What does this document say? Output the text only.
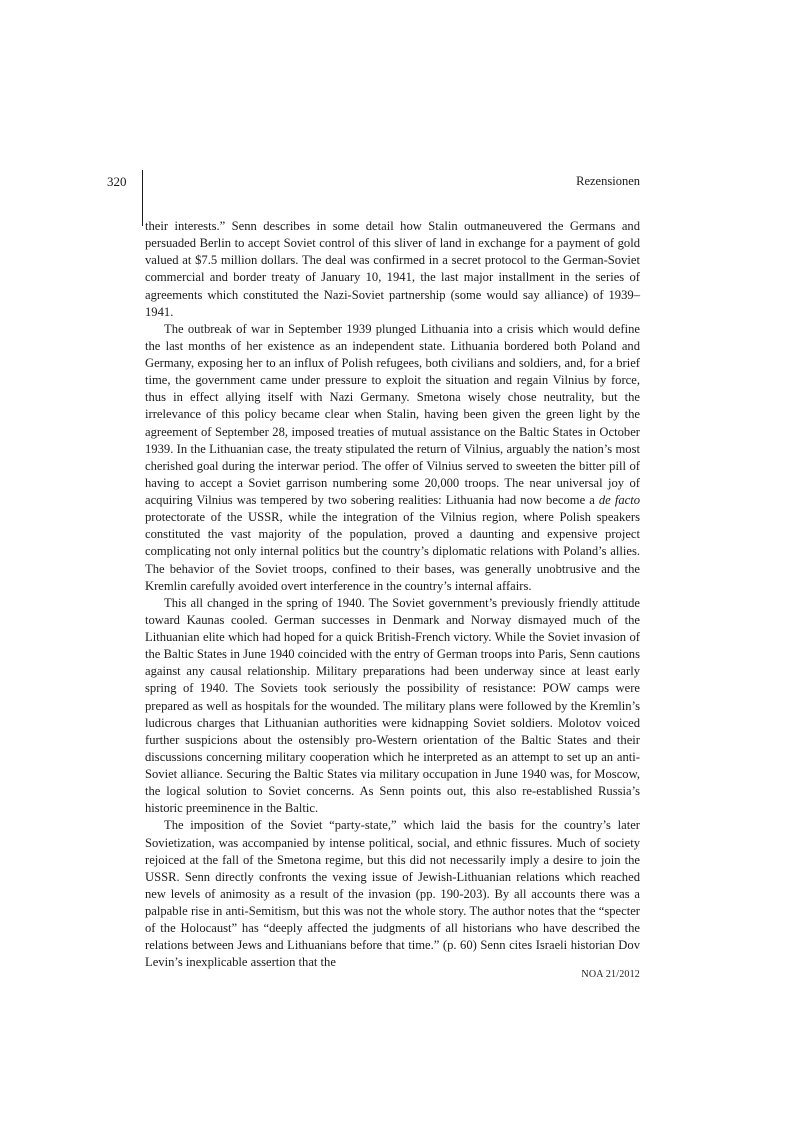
320	Rezensionen

their interests.” Senn describes in some detail how Stalin outmaneuvered the Germans and persuaded Berlin to accept Soviet control of this sliver of land in exchange for a payment of gold valued at $7.5 million dollars. The deal was confirmed in a secret protocol to the German-Soviet commercial and border treaty of January 10, 1941, the last major installment in the series of agreements which constituted the Nazi-Soviet partnership (some would say alliance) of 1939–1941.

The outbreak of war in September 1939 plunged Lithuania into a crisis which would define the last months of her existence as an independent state. Lithuania bordered both Poland and Germany, exposing her to an influx of Polish refugees, both civilians and soldiers, and, for a brief time, the government came under pressure to exploit the situation and regain Vilnius by force, thus in effect allying itself with Nazi Germany. Smetona wisely chose neutrality, but the irrelevance of this policy became clear when Stalin, having been given the green light by the agreement of September 28, imposed treaties of mutual assistance on the Baltic States in October 1939. In the Lithuanian case, the treaty stipulated the return of Vilnius, arguably the nation’s most cherished goal during the interwar period. The offer of Vilnius served to sweeten the bitter pill of having to accept a Soviet garrison numbering some 20,000 troops. The near universal joy of acquiring Vilnius was tempered by two sobering realities: Lithuania had now become a de facto protectorate of the USSR, while the integration of the Vilnius region, where Polish speakers constituted the vast majority of the population, proved a daunting and expensive project complicating not only internal politics but the country’s diplomatic relations with Poland’s allies. The behavior of the Soviet troops, confined to their bases, was generally unobtrusive and the Kremlin carefully avoided overt interference in the country’s internal affairs.

This all changed in the spring of 1940. The Soviet government’s previously friendly attitude toward Kaunas cooled. German successes in Denmark and Norway dismayed much of the Lithuanian elite which had hoped for a quick British-French victory. While the Soviet invasion of the Baltic States in June 1940 coincided with the entry of German troops into Paris, Senn cautions against any causal relationship. Military preparations had been underway since at least early spring of 1940. The Soviets took seriously the possibility of resistance: POW camps were prepared as well as hospitals for the wounded. The military plans were followed by the Kremlin’s ludicrous charges that Lithuanian authorities were kidnapping Soviet soldiers. Molotov voiced further suspicions about the ostensibly pro-Western orientation of the Baltic States and their discussions concerning military cooperation which he interpreted as an attempt to set up an anti-Soviet alliance. Securing the Baltic States via military occupation in June 1940 was, for Moscow, the logical solution to Soviet concerns. As Senn points out, this also re-established Russia’s historic preeminence in the Baltic.

The imposition of the Soviet “party-state,” which laid the basis for the country’s later Sovietization, was accompanied by intense political, social, and ethnic fissures. Much of society rejoiced at the fall of the Smetona regime, but this did not necessarily imply a desire to join the USSR. Senn directly confronts the vexing issue of Jewish-Lithuanian relations which reached new levels of animosity as a result of the invasion (pp. 190-203). By all accounts there was a palpable rise in anti-Semitism, but this was not the whole story. The author notes that the “specter of the Holocaust” has “deeply affected the judgments of all historians who have described the relations between Jews and Lithuanians before that time.” (p. 60) Senn cites Israeli historian Dov Levin’s inexplicable assertion that the

NOA 21/2012
